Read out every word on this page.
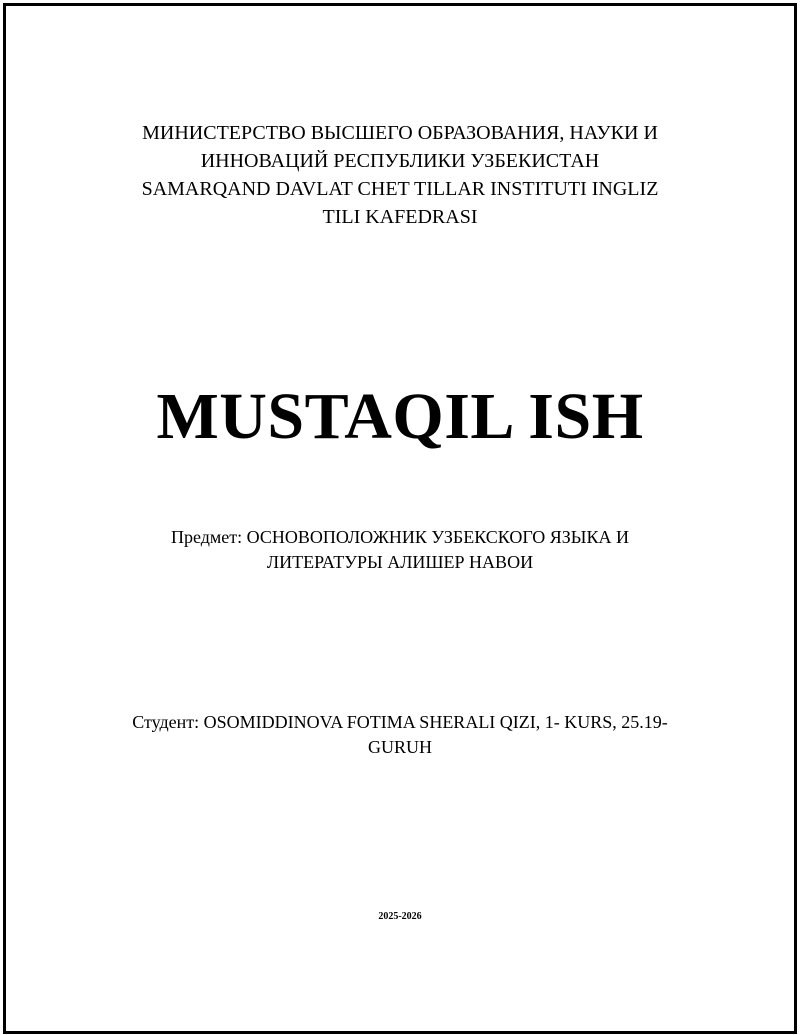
МИНИСТЕРСТВО ВЫСШЕГО ОБРАЗОВАНИЯ, НАУКИ И
ИННОВАЦИЙ РЕСПУБЛИКИ УЗБЕКИСТАН
SAMARQAND DAVLAT CHET TILLAR INSTITUTI INGLIZ
TILI KAFEDRASI
MUSTAQIL ISH
Предмет: ОСНОВОПОЛОЖНИК УЗБЕКСКОГО ЯЗЫКА И
ЛИТЕРАТУРЫ АЛИШЕР НАВОИ
Студент: OSOMIDDINOVA FOTIMA SHERALI QIZI, 1- KURS, 25.19-
GURUH
2025-2026
